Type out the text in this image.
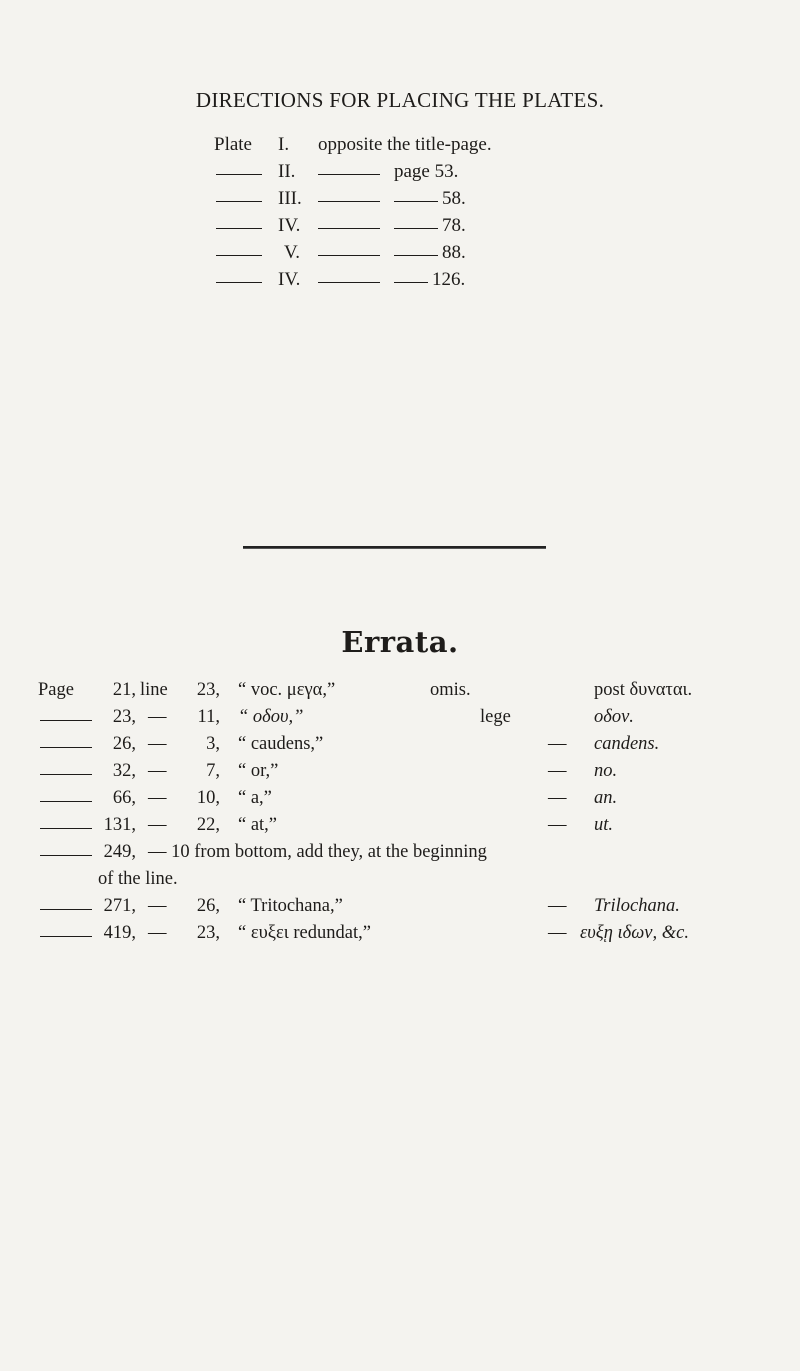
DIRECTIONS FOR PLACING THE PLATES.
Plate I. opposite the title-page.
II.	page 53.
III.	58.
IV.	78.
V.	88.
IV.	126.
Errata.
Page	21, line	23, “ voc. μεγα,”	omis.	post δυναται.
23, —	11, “ οδου,”	lege	οδον.
26, —	3, “ caudens,”	— candens.
32, —	7, “ or,”	— no.
66, —	10, “ a,”	— an.
131, —	22, “ at,”	— ut.
249, — 10 from bottom, add they, at the beginning
of the line.
271, —	26, “ Tritochana,”	— Trilochana.
419, —	23, “ ευξει redundat,”	— ευξῃ ιδων, &c.
